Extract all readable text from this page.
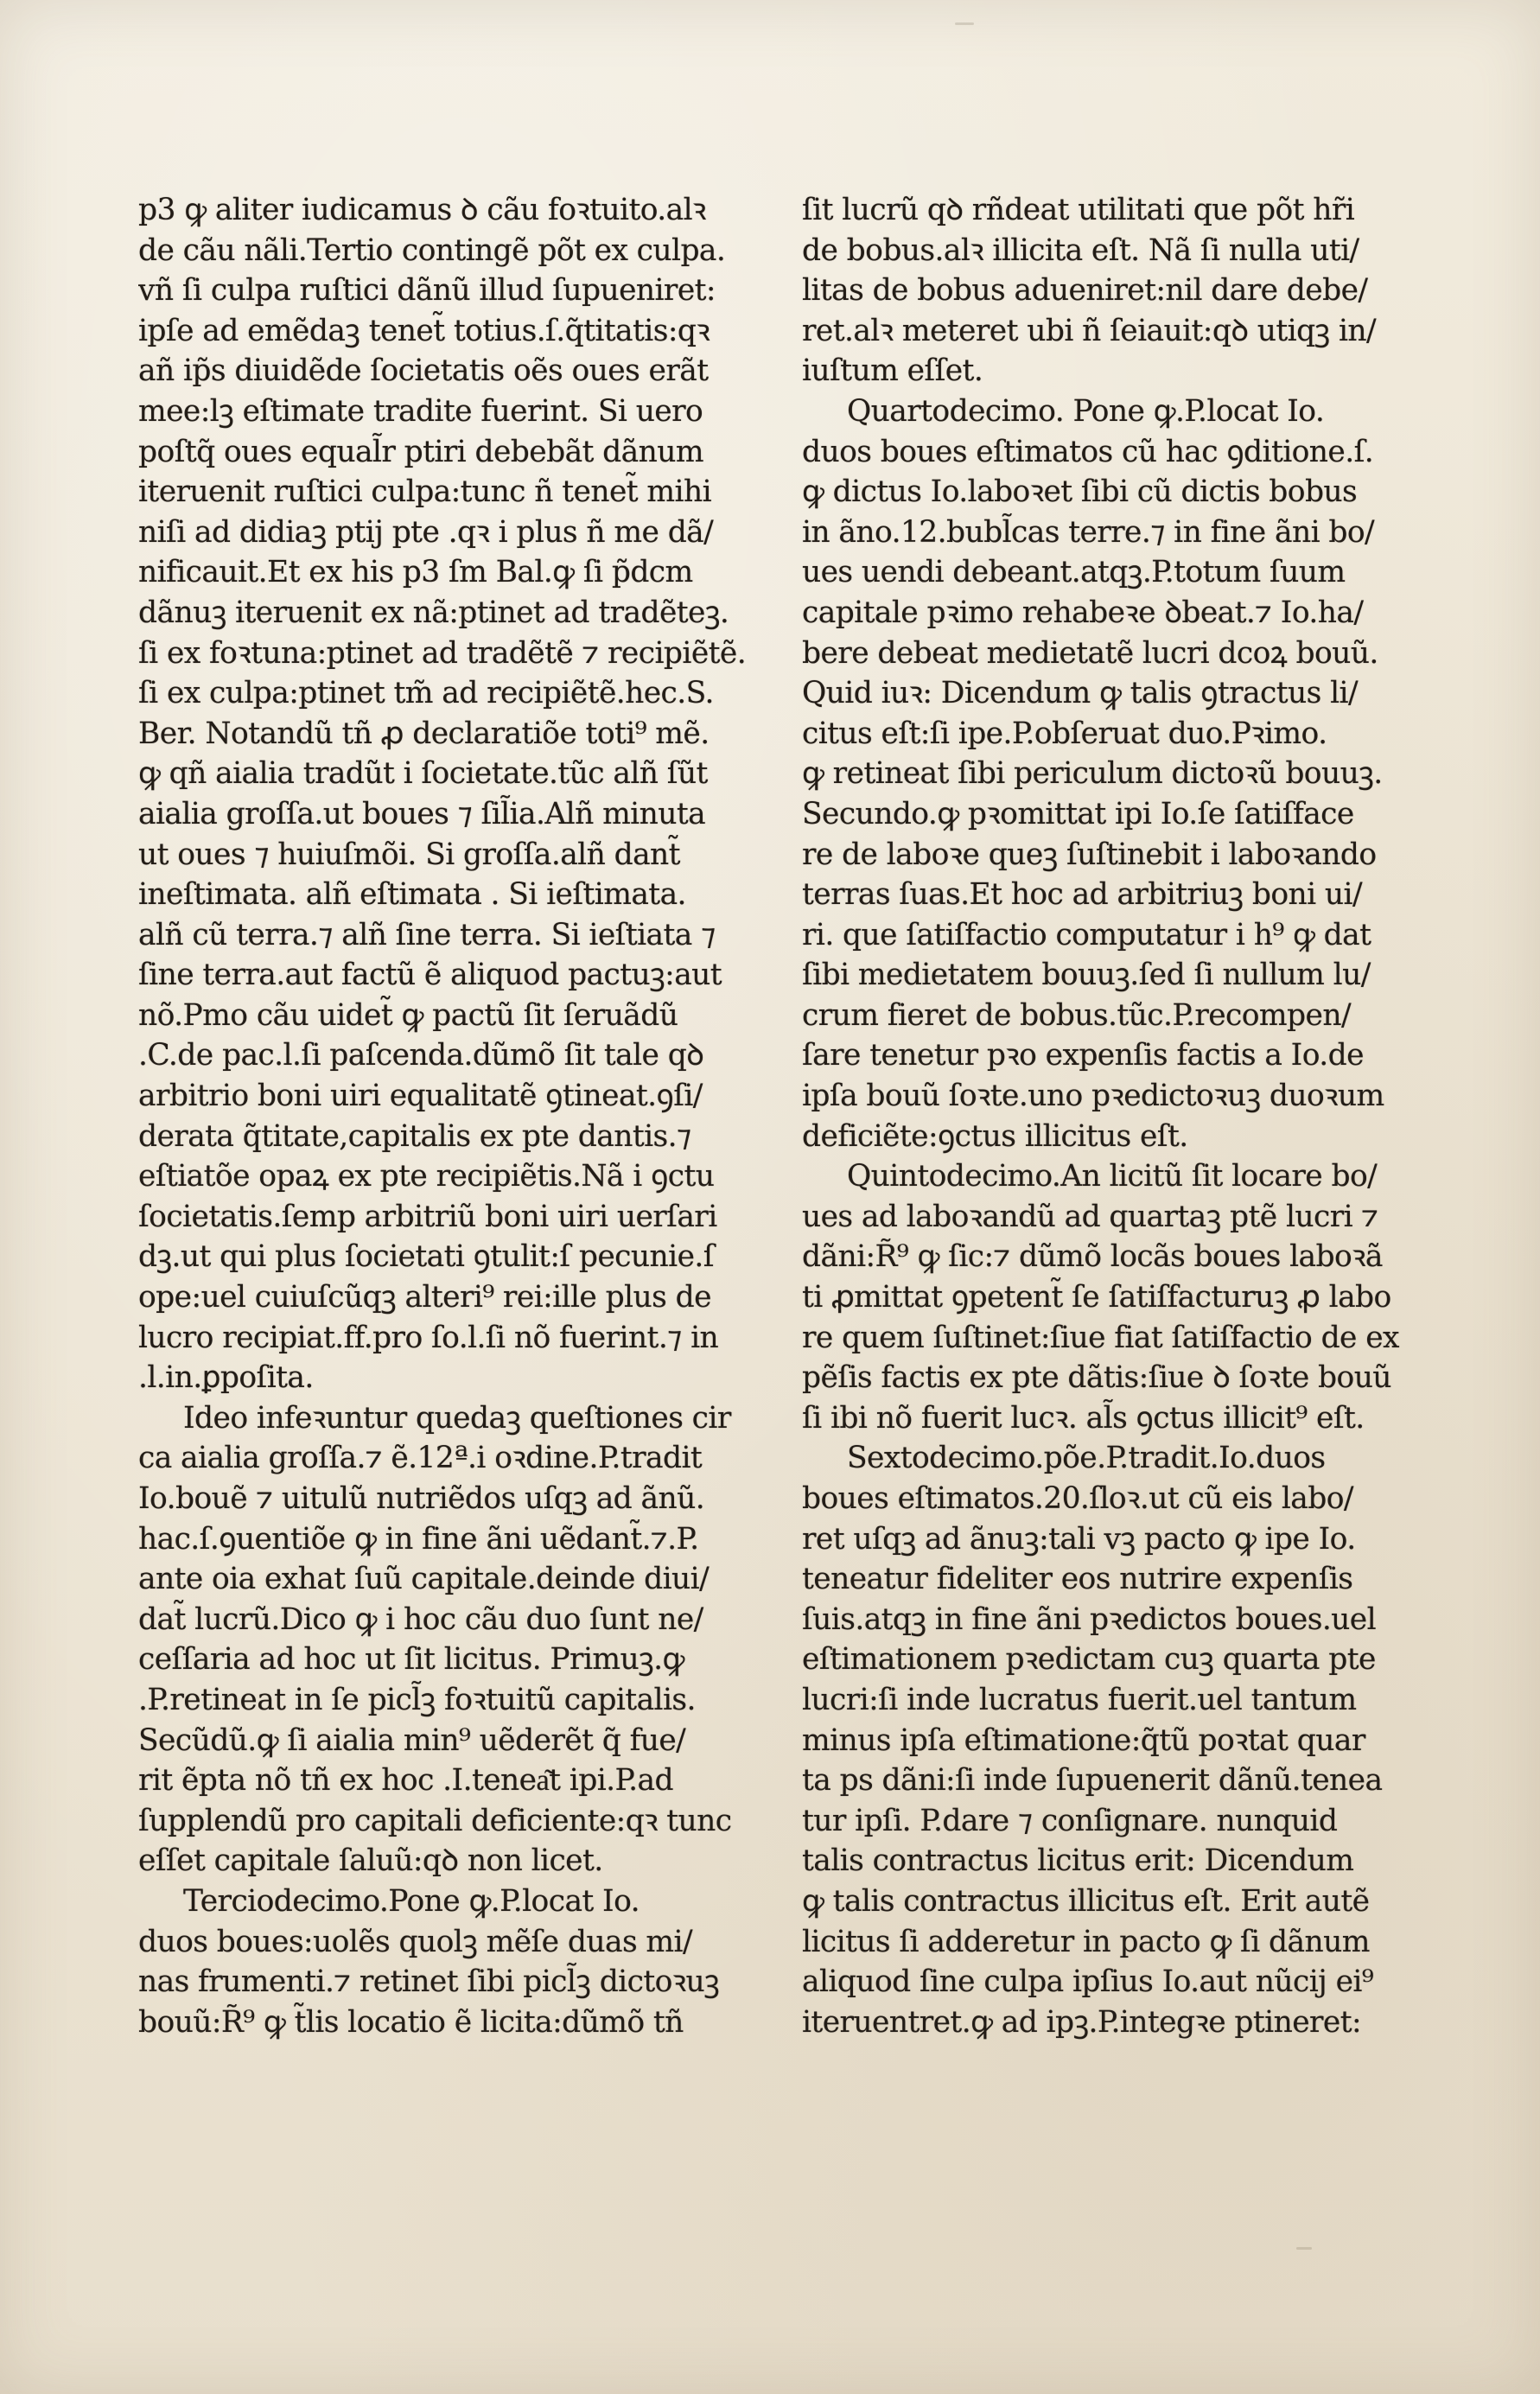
p3 ꝙ aliter iudicamus ꝺ cãu foꝛtuito.alꝛ
de cãu nãli.Tertio contingẽ põt ex culpa.
vñ ſi culpa ruſtici dãnũ illud ſupueniret:
ipſe ad emẽdaꝫ tenet̃ totius.ſ.q̃titatis:qꝛ
añ ip̃s diuidẽde ſocietatis oẽs oues erãt
mee:lꝫ eſtimate tradite fuerint. Si uero
poſtq̃ oues equal̃r ptiri debebãt dãnum
iteruenit ruſtici culpa:tunc ñ tenet̃ mihi
niſi ad didiaꝫ ptij pte .qꝛ i plus ñ me dã/
nificauit.Et ex his p3 ſm Bal.ꝙ ſi p̃dcm
dãnuꝫ iteruenit ex nã:ptinet ad tradẽteꝫ.
ſi ex foꝛtuna:ptinet ad tradẽtẽ ⁊ recipiẽtẽ.
ſi ex culpa:ptinet tm̃ ad recipiẽtẽ.hec.S.
Ber. Notandũ tñ ꝓ declaratiõe toti⁹ mẽ.
ꝙ qñ aialia tradũt i ſocietate.tũc alñ ſũt
aialia groſſa.ut boues ⁊ ſil̃ia.Alñ minuta
ut oues ⁊ huiuſmõi. Si groſſa.alñ dant̃
ineſtimata. alñ eſtimata . Si ieſtimata.
alñ cũ terra.⁊ alñ ſine terra. Si ieſtiata ⁊
ſine terra.aut factũ ẽ aliquod pactuꝫ:aut
nõ.Pmo cãu uidet̃ ꝙ pactũ ſit ſeruãdũ
.C.de pac.l.ſi paſcenda.dũmõ ſit tale qꝺ
arbitrio boni uiri equalitatẽ ꝯtineat.ꝯſi/
derata q̃titate,capitalis ex pte dantis.⁊
eſtiatõe opaꝝ ex pte recipiẽtis.Nã i ꝯctu
ſocietatis.ſemp arbitriũ boni uiri uerſari
dꝫ.ut qui plus ſocietati ꝯtulit:ſ pecunie.ſ
ope:uel cuiuſcũqꝫ alteri⁹ rei:ille plus de
lucro recipiat.ff.pro ſo.l.ſi nõ fuerint.⁊ in
.l.in.ꝑpoſita.
Ideo infeꝛuntur quedaꝫ queſtiones cir
ca aialia groſſa.⁊ ẽ.12ª.i oꝛdine.P.tradit
Io.bouẽ ⁊ uitulũ nutriẽdos uſqꝫ ad ãnũ.
hac.ſ.ꝯuentiõe ꝙ in fine ãni uẽdant̃.⁊.P.
ante oia exhat ſuũ capitale.deinde diui/
dat̃ lucrũ.Dico ꝙ i hoc cãu duo ſunt ne/
ceſſaria ad hoc ut ſit licitus. Primuꝫ.ꝙ
.P.retineat in ſe picl̃ꝫ foꝛtuitũ capitalis.
Secũdũ.ꝙ ſi aialia min⁹ uẽderẽt q̃ fue/
rit ẽpta nõ tñ ex hoc .I.tenea͂t ipi.P.ad
ſupplendũ pro capitali deficiente:qꝛ tunc
eſſet capitale ſaluũ:qꝺ non licet.
Terciodecimo.Pone ꝙ.P.locat Io.
duos boues:uolẽs quolꝫ mẽſe duas mi/
nas frumenti.⁊ retinet ſibi picl̃ꝫ dictoꝛuꝫ
bouũ:R̃⁹ ꝙ t̃lis locatio ẽ licita:dũmõ tñ
ſit lucrũ qꝺ rñdeat utilitati que põt hr̃i
de bobus.alꝛ illicita eſt. Nã ſi nulla uti/
litas de bobus adueniret:nil dare debe/
ret.alꝛ meteret ubi ñ ſeiauit:qꝺ utiqꝫ in/
iuſtum eſſet.
Quartodecimo. Pone ꝙ.P.locat Io.
duos boues eſtimatos cũ hac ꝯditione.ſ.
ꝙ dictus Io.laboꝛet ſibi cũ dictis bobus
in ãno.12.bubl̃cas terre.⁊ in fine ãni bo/
ues uendi debeant.atqꝫ.P.totum ſuum
capitale pꝛimo rehabeꝛe ꝺbeat.⁊ Io.ha/
bere debeat medietatẽ lucri dcoꝝ bouũ.
Quid iuꝛ: Dicendum ꝙ talis ꝯtractus li/
citus eſt:ſi ipe.P.obſeruat duo.Pꝛimo.
ꝙ retineat ſibi periculum dictoꝛũ bouuꝫ.
Secundo.ꝙ pꝛomittat ipi Io.ſe ſatiſface
re de laboꝛe queꝫ ſuſtinebit i laboꝛando
terras ſuas.Et hoc ad arbitriuꝫ boni ui/
ri. que ſatiſfactio computatur i h⁹ ꝙ dat
ſibi medietatem bouuꝫ.ſed ſi nullum lu/
crum fieret de bobus.tũc.P.recompen/
ſare tenetur pꝛo expenſis factis a Io.de
ipſa bouũ ſoꝛte.uno pꝛedictoꝛuꝫ duoꝛum
deficiẽte:ꝯctus illicitus eſt.
Quintodecimo.An licitũ ſit locare bo/
ues ad laboꝛandũ ad quartaꝫ ptẽ lucri ⁊
dãni:R̃⁹ ꝙ ſic:⁊ dũmõ locãs boues laboꝛã
ti ꝓmittat ꝯpetent̃ ſe ſatiſfacturuꝫ ꝓ labo
re quem ſuſtinet:ſiue fiat ſatiſfactio de ex
pẽſis factis ex pte dãtis:ſiue ꝺ ſoꝛte bouũ
ſi ibi nõ fuerit lucꝛ. al̃s ꝯctus illicit⁹ eſt.
Sextodecimo.põe.P.tradit.Io.duos
boues eſtimatos.20.ſloꝛ.ut cũ eis labo/
ret uſqꝫ ad ãnuꝫ:tali vꝫ pacto ꝙ ipe Io.
teneatur fideliter eos nutrire expenſis
ſuis.atqꝫ in fine ãni pꝛedictos boues.uel
eſtimationem pꝛedictam cuꝫ quarta pte
lucri:ſi inde lucratus fuerit.uel tantum
minus ipſa eſtimatione:q̃tũ poꝛtat quar
ta ps dãni:ſi inde ſupuenerit dãnũ.tenea
tur ipſi. P.dare ⁊ conſignare. nunquid
talis contractus licitus erit: Dicendum
ꝙ talis contractus illicitus eſt. Erit autẽ
licitus ſi adderetur in pacto ꝙ ſi dãnum
aliquod ſine culpa ipſius Io.aut nũcij ei⁹
iteruentret.ꝙ ad ipꝫ.P.integꝛe ptineret:
